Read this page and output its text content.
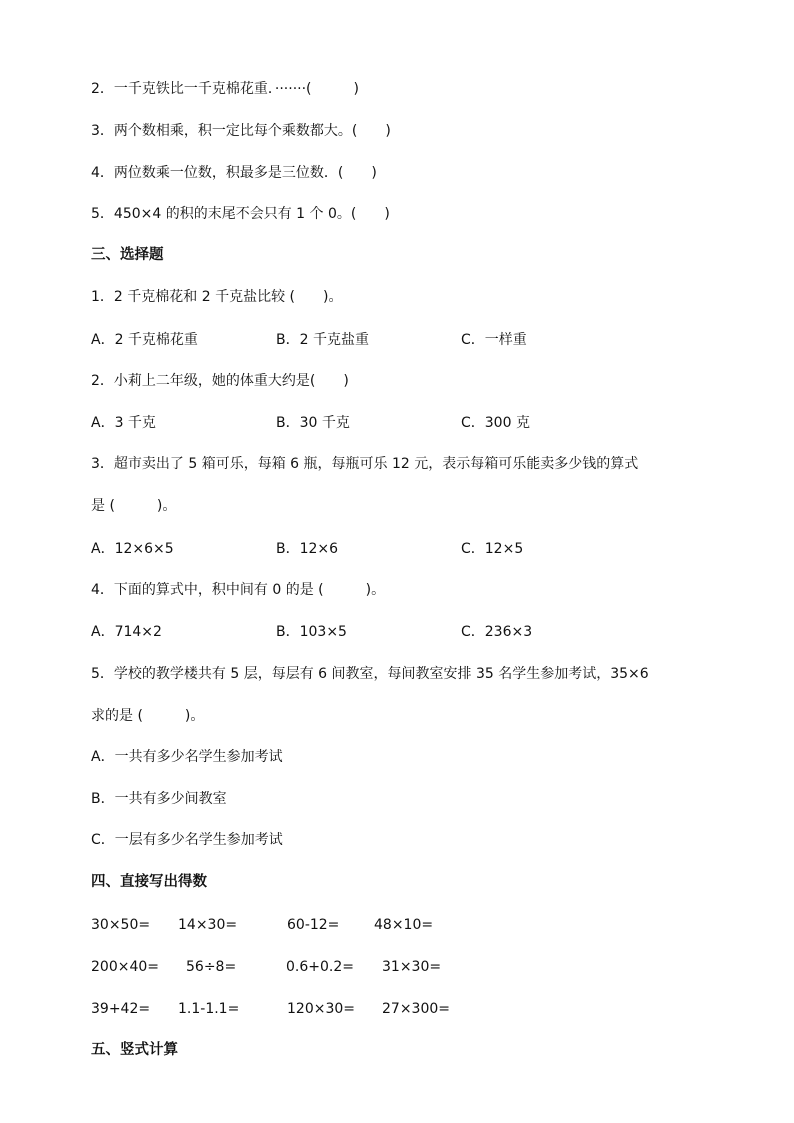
2．一千克铁比一千克棉花重．·······(　　　)
3．两个数相乘，积一定比每个乘数都大。(　　)
4．两位数乘一位数，积最多是三位数．(　　)
5．450×4 的积的末尾不会只有 1 个 0。(　　)
三、选择题
1．2 千克棉花和 2 千克盐比较 (　　)。
A．2 千克棉花重	B．2 千克盐重	C．一样重
2．小莉上二年级，她的体重大约是(　　)
A．3 千克	B．30 千克	C．300 克
3．超市卖出了 5 箱可乐，每箱 6 瓶，每瓶可乐 12 元，表示每箱可乐能卖多少钱的算式
是 (　　　)。
A．12×6×5	B．12×6	C．12×5
4．下面的算式中，积中间有 0 的是 (　　　)。
A．714×2	B．103×5	C．236×3
5．学校的教学楼共有 5 层，每层有 6 间教室，每间教室安排 35 名学生参加考试，35×6
求的是 (　　　)。
A．一共有多少名学生参加考试
B．一共有多少间教室
C．一层有多少名学生参加考试
四、直接写出得数
30×50= 14×30=	60-12= 48×10=
200×40= 56÷8=	0.6+0.2= 31×30=
39+42= 1.1-1.1=	120×30= 27×300=
五、竖式计算
